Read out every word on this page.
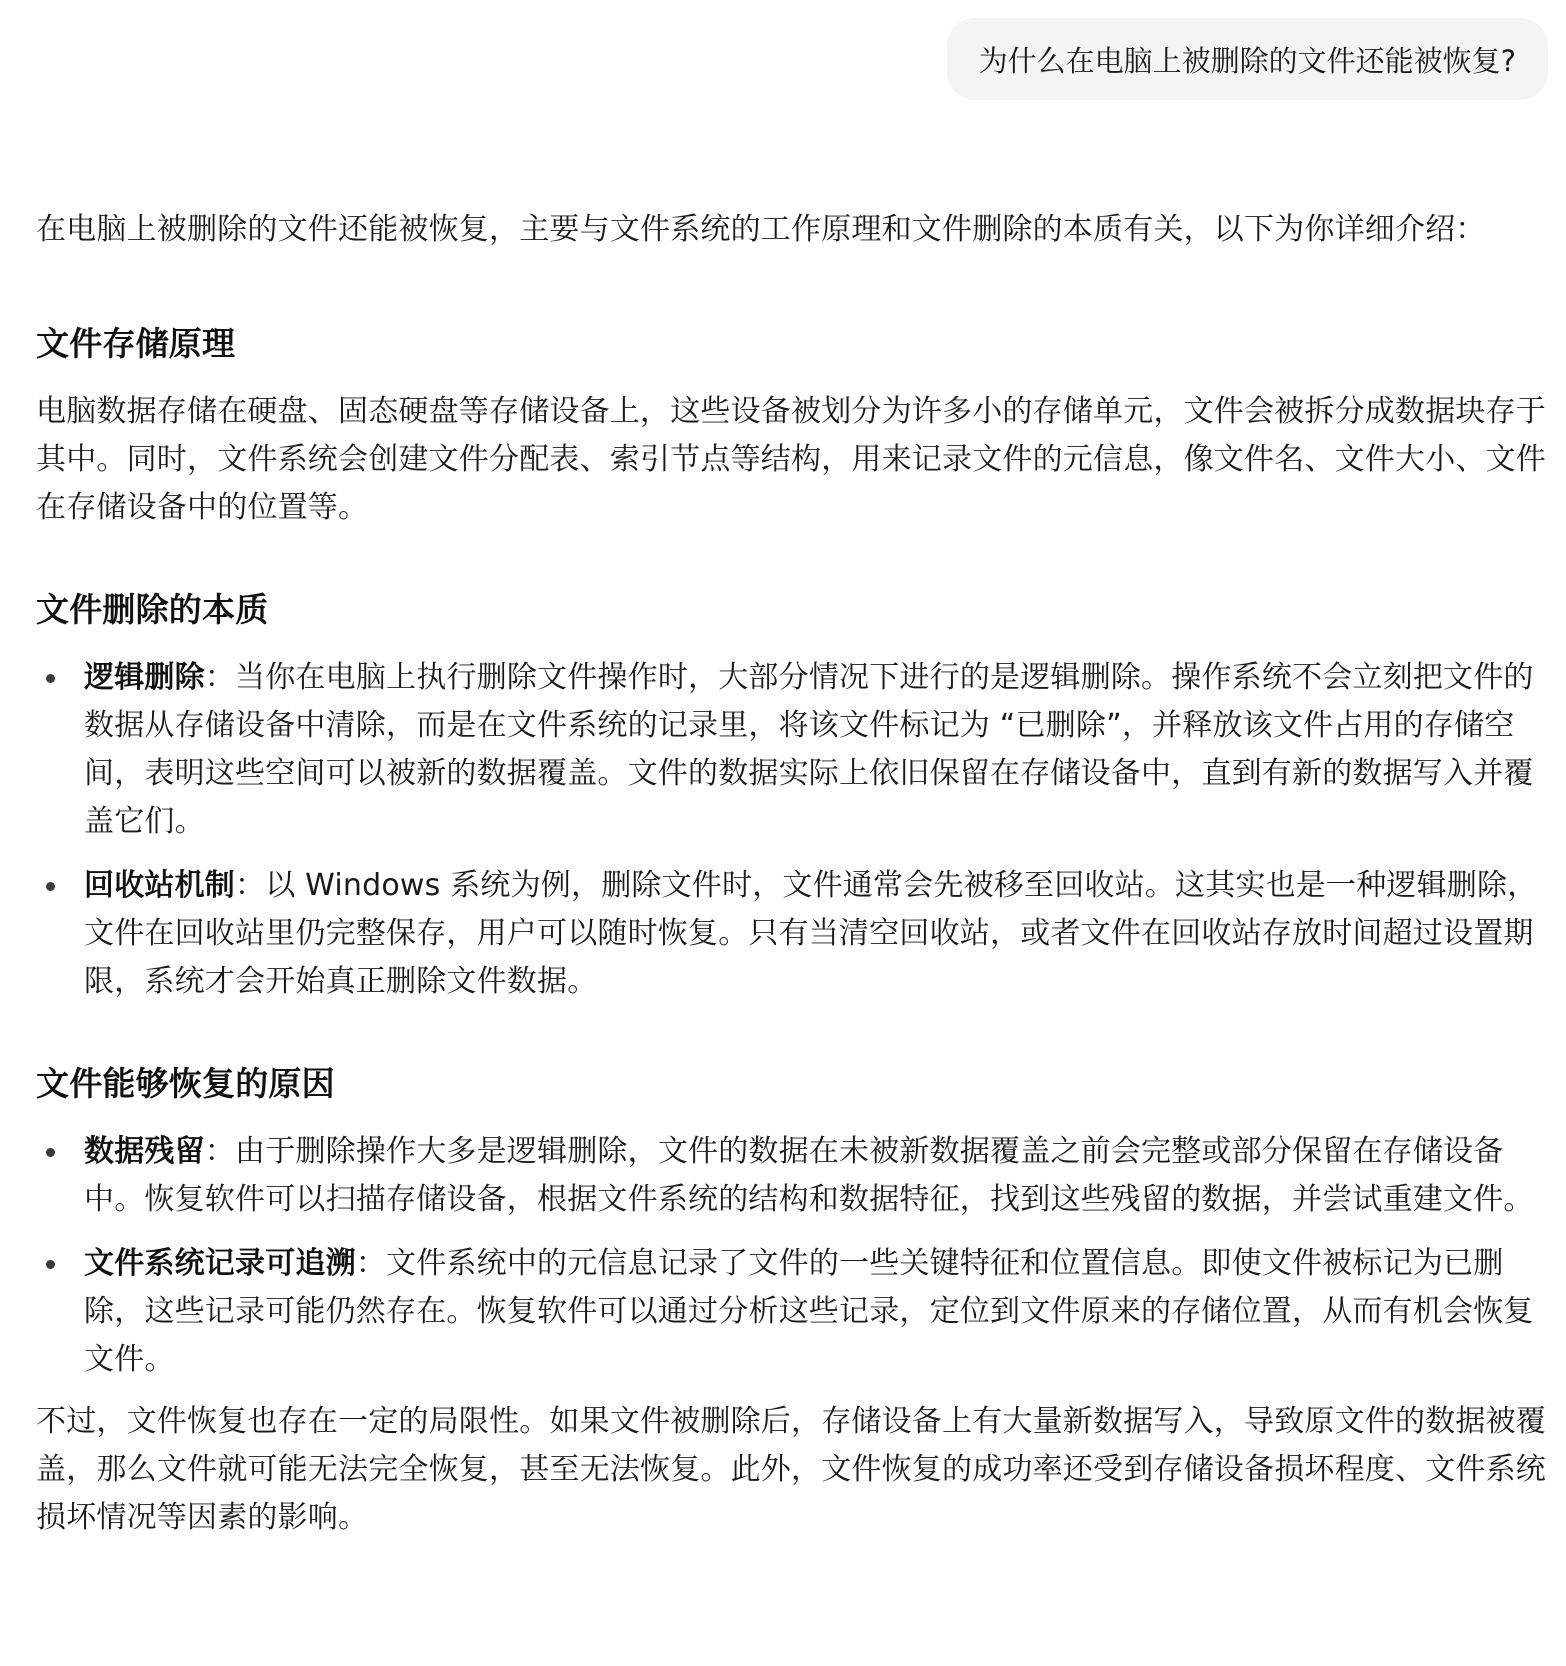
为什么在电脑上被删除的文件还能被恢复?

在电脑上被删除的文件还能被恢复，主要与文件系统的工作原理和文件删除的本质有关，以下为你详细介绍：

文件存储原理

电脑数据存储在硬盘、固态硬盘等存储设备上，这些设备被划分为许多小的存储单元，文件会被拆分成数据块存于其中。同时，文件系统会创建文件分配表、索引节点等结构，用来记录文件的元信息，像文件名、文件大小、文件在存储设备中的位置等。

文件删除的本质
逻辑删除：当你在电脑上执行删除文件操作时，大部分情况下进行的是逻辑删除。操作系统不会立刻把文件的数据从存储设备中清除，而是在文件系统的记录里，将该文件标记为 “已删除”，并释放该文件占用的存储空间，表明这些空间可以被新的数据覆盖。文件的数据实际上依旧保留在存储设备中，直到有新的数据写入并覆盖它们。
回收站机制：以 Windows 系统为例，删除文件时，文件通常会先被移至回收站。这其实也是一种逻辑删除，文件在回收站里仍完整保存，用户可以随时恢复。只有当清空回收站，或者文件在回收站存放时间超过设置期限，系统才会开始真正删除文件数据。
文件能够恢复的原因
数据残留：由于删除操作大多是逻辑删除，文件的数据在未被新数据覆盖之前会完整或部分保留在存储设备中。恢复软件可以扫描存储设备，根据文件系统的结构和数据特征，找到这些残留的数据，并尝试重建文件。
文件系统记录可追溯：文件系统中的元信息记录了文件的一些关键特征和位置信息。即使文件被标记为已删除，这些记录可能仍然存在。恢复软件可以通过分析这些记录，定位到文件原来的存储位置，从而有机会恢复文件。

不过，文件恢复也存在一定的局限性。如果文件被删除后，存储设备上有大量新数据写入，导致原文件的数据被覆盖，那么文件就可能无法完全恢复，甚至无法恢复。此外，文件恢复的成功率还受到存储设备损坏程度、文件系统损坏情况等因素的影响。
